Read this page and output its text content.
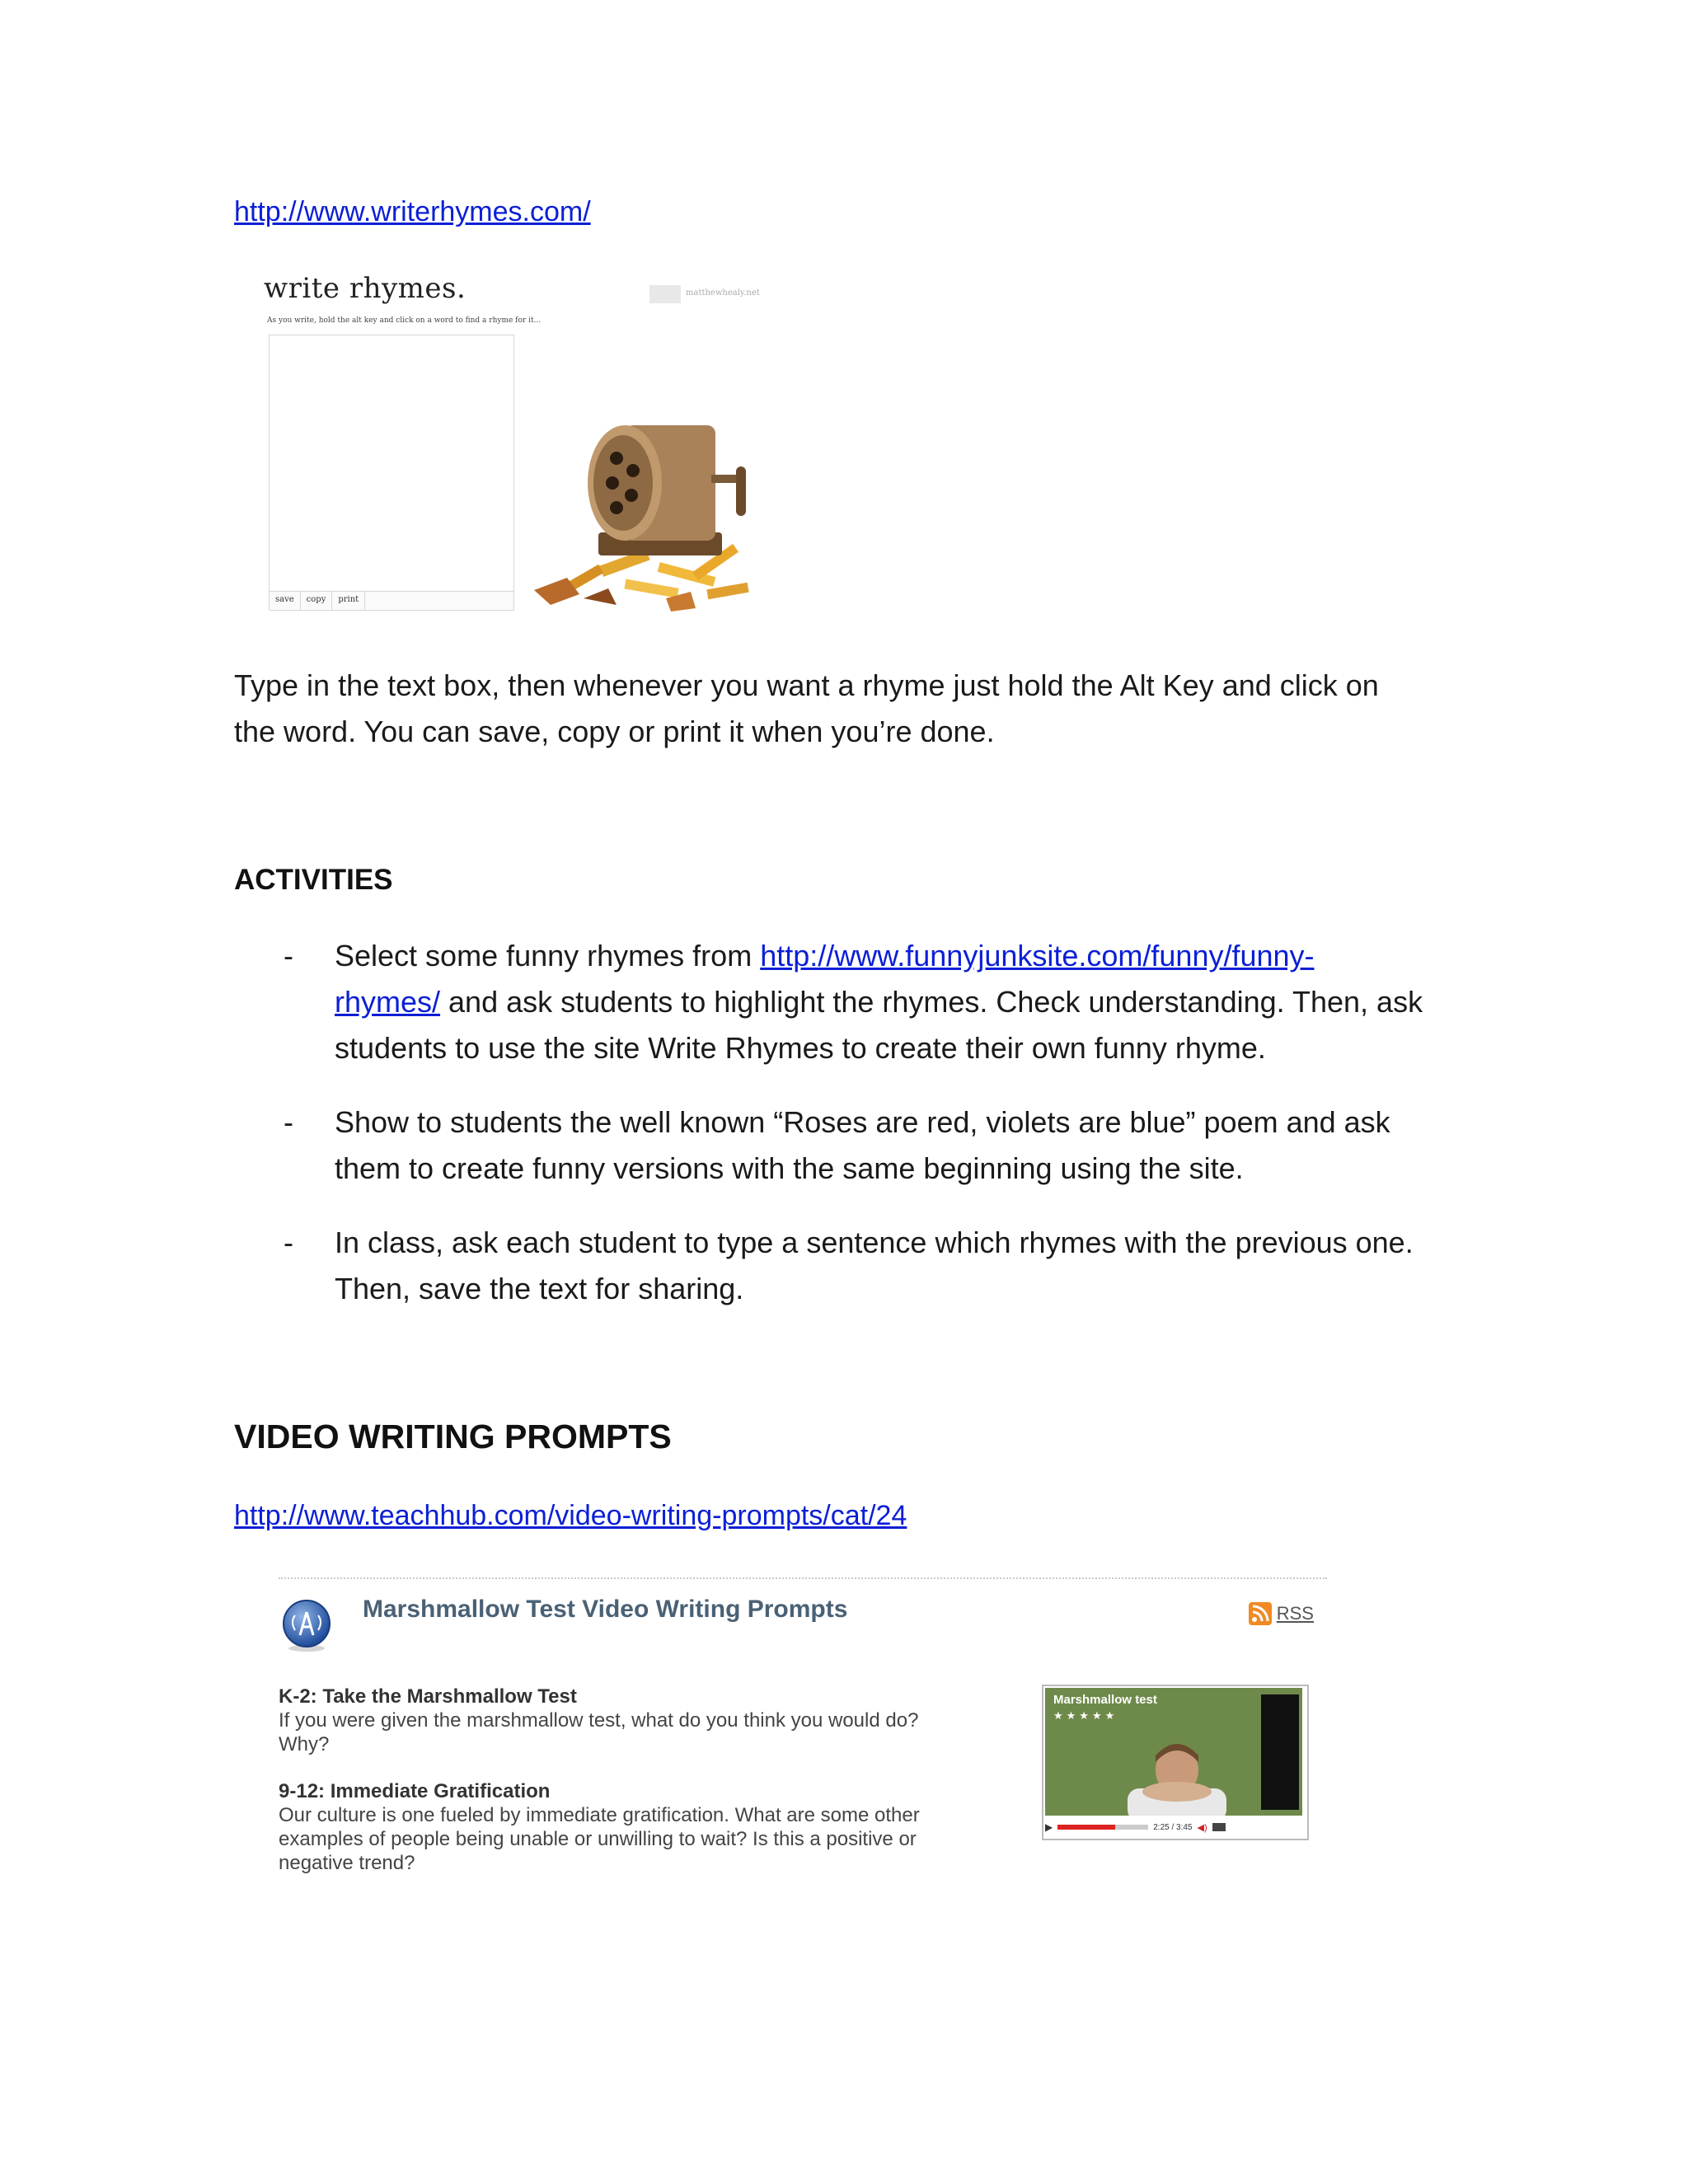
http://www.writerhymes.com/
write rhymes.
As you write, hold the alt key and click on a word to find a rhyme for it...
matthewhealy.net
save	copy	print
Type in the text box, then whenever you want a rhyme just hold the Alt Key and click on
the word. You can save, copy or print it when you’re done.
ACTIVITIES
- Select some funny rhymes from http://www.funnyjunksite.com/funny/funny-
rhymes/ and ask students to highlight the rhymes. Check understanding. Then, ask
students to use the site Write Rhymes to create their own funny rhyme.
- Show to students the well known “Roses are red, violets are blue” poem and ask
them to create funny versions with the same beginning using the site.
- In class, ask each student to type a sentence which rhymes with the previous one.
Then, save the text for sharing.
VIDEO WRITING PROMPTS
http://www.teachhub.com/video-writing-prompts/cat/24
Marshmallow Test Video Writing Prompts	RSS
K-2: Take the Marshmallow Test
If you were given the marshmallow test, what do you think you would do?
Why?
9-12: Immediate Gratification
Our culture is one fueled by immediate gratification. What are some other
examples of people being unable or unwilling to wait? Is this a positive or
negative trend?
Marshmallow test
★★★★★
▶	2:25 / 3:45 ◀)
